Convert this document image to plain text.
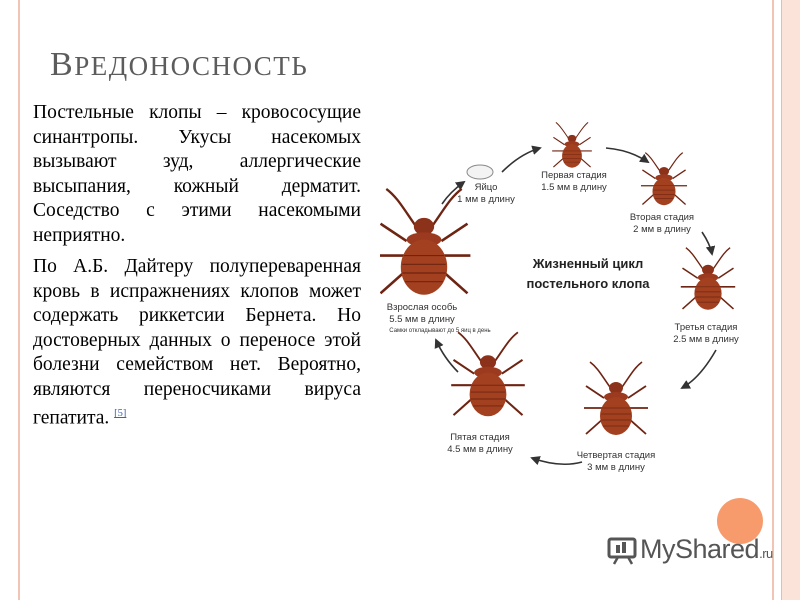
ВРЕДОНОСНОСТЬ

Постельные клопы – кровососущие синантропы. Укусы насекомых вызывают зуд, аллергические высыпания, кожный дерматит. Соседство с этими насекомыми неприятно.

По А.Б. Дайтеру полупереваренная кровь в испражнениях клопов может содержать риккетсии Бернета. Но достоверных данных о переносе этой болезни семейством нет. Вероятно, являются переносчиками вируса гепатита. [5]

Яйцо
1 мм в длину
Первая стадия
1.5 мм в длину
Вторая стадия
2 мм в длину
Третья стадия
2.5 мм в длину
Четвертая стадия
3 мм в длину
Пятая стадия
4.5 мм в длину
Взрослая особь
5.5 мм в длину
Самки откладывают до 5 яиц в день
Жизненный цикл
постельного клопа
MyShared.ru
